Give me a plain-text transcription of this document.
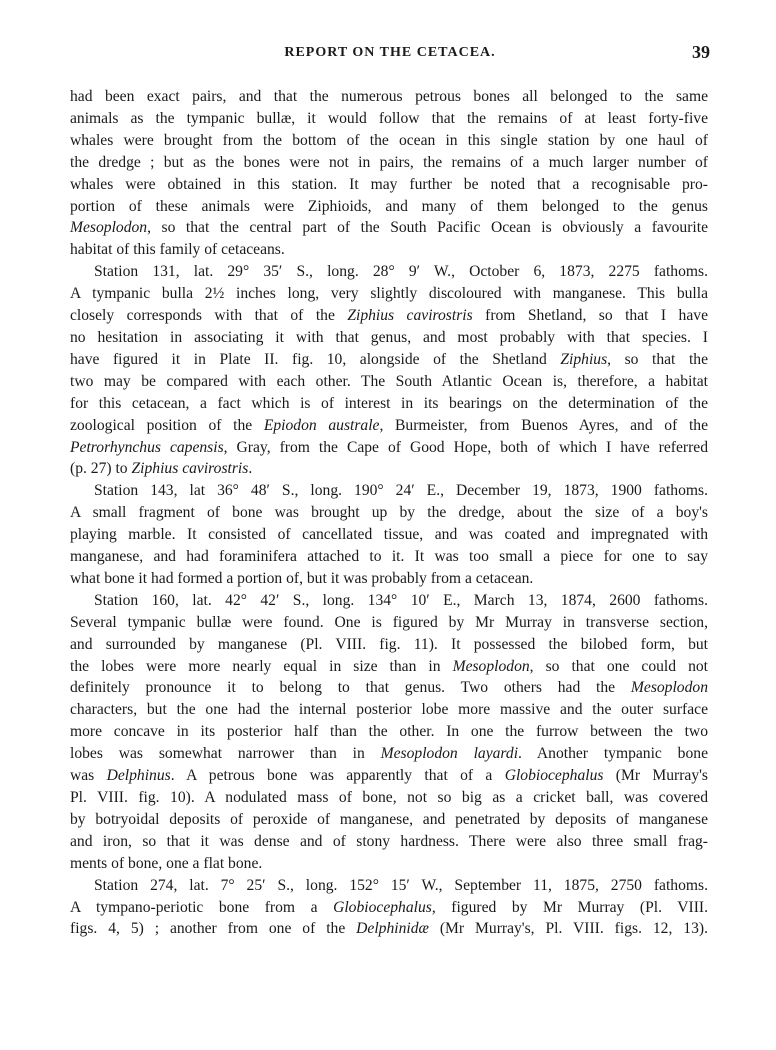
REPORT ON THE CETACEA.	39

had been exact pairs, and that the numerous petrous bones all belonged to the same
animals as the tympanic bullæ, it would follow that the remains of at least forty-five
whales were brought from the bottom of the ocean in this single station by one haul of
the dredge ; but as the bones were not in pairs, the remains of a much larger number of
whales were obtained in this station. It may further be noted that a recognisable pro-
portion of these animals were Ziphioids, and many of them belonged to the genus
Mesoplodon, so that the central part of the South Pacific Ocean is obviously a favourite
habitat of this family of cetaceans.

Station 131, lat. 29° 35′ S., long. 28° 9′ W., October 6, 1873, 2275 fathoms.
A tympanic bulla 2½ inches long, very slightly discoloured with manganese. This bulla
closely corresponds with that of the Ziphius cavirostris from Shetland, so that I have
no hesitation in associating it with that genus, and most probably with that species. I
have figured it in Plate II. fig. 10, alongside of the Shetland Ziphius, so that the
two may be compared with each other. The South Atlantic Ocean is, therefore, a habitat
for this cetacean, a fact which is of interest in its bearings on the determination of the
zoological position of the Epiodon australe, Burmeister, from Buenos Ayres, and of the
Petrorhynchus capensis, Gray, from the Cape of Good Hope, both of which I have referred
(p. 27) to Ziphius cavirostris.

Station 143, lat 36° 48′ S., long. 190° 24′ E., December 19, 1873, 1900 fathoms.
A small fragment of bone was brought up by the dredge, about the size of a boy's
playing marble. It consisted of cancellated tissue, and was coated and impregnated with
manganese, and had foraminifera attached to it. It was too small a piece for one to say
what bone it had formed a portion of, but it was probably from a cetacean.

Station 160, lat. 42° 42′ S., long. 134° 10′ E., March 13, 1874, 2600 fathoms.
Several tympanic bullæ were found. One is figured by Mr Murray in transverse section,
and surrounded by manganese (Pl. VIII. fig. 11). It possessed the bilobed form, but
the lobes were more nearly equal in size than in Mesoplodon, so that one could not
definitely pronounce it to belong to that genus. Two others had the Mesoplodon
characters, but the one had the internal posterior lobe more massive and the outer surface
more concave in its posterior half than the other. In one the furrow between the two
lobes was somewhat narrower than in Mesoplodon layardi. Another tympanic bone
was Delphinus. A petrous bone was apparently that of a Globiocephalus (Mr Murray's
Pl. VIII. fig. 10). A nodulated mass of bone, not so big as a cricket ball, was covered
by botryoidal deposits of peroxide of manganese, and penetrated by deposits of manganese
and iron, so that it was dense and of stony hardness. There were also three small frag-
ments of bone, one a flat bone.

Station 274, lat. 7° 25′ S., long. 152° 15′ W., September 11, 1875, 2750 fathoms.
A tympano-periotic bone from a Globiocephalus, figured by Mr Murray (Pl. VIII.
figs. 4, 5) ; another from one of the Delphinidæ (Mr Murray's, Pl. VIII. figs. 12, 13).
